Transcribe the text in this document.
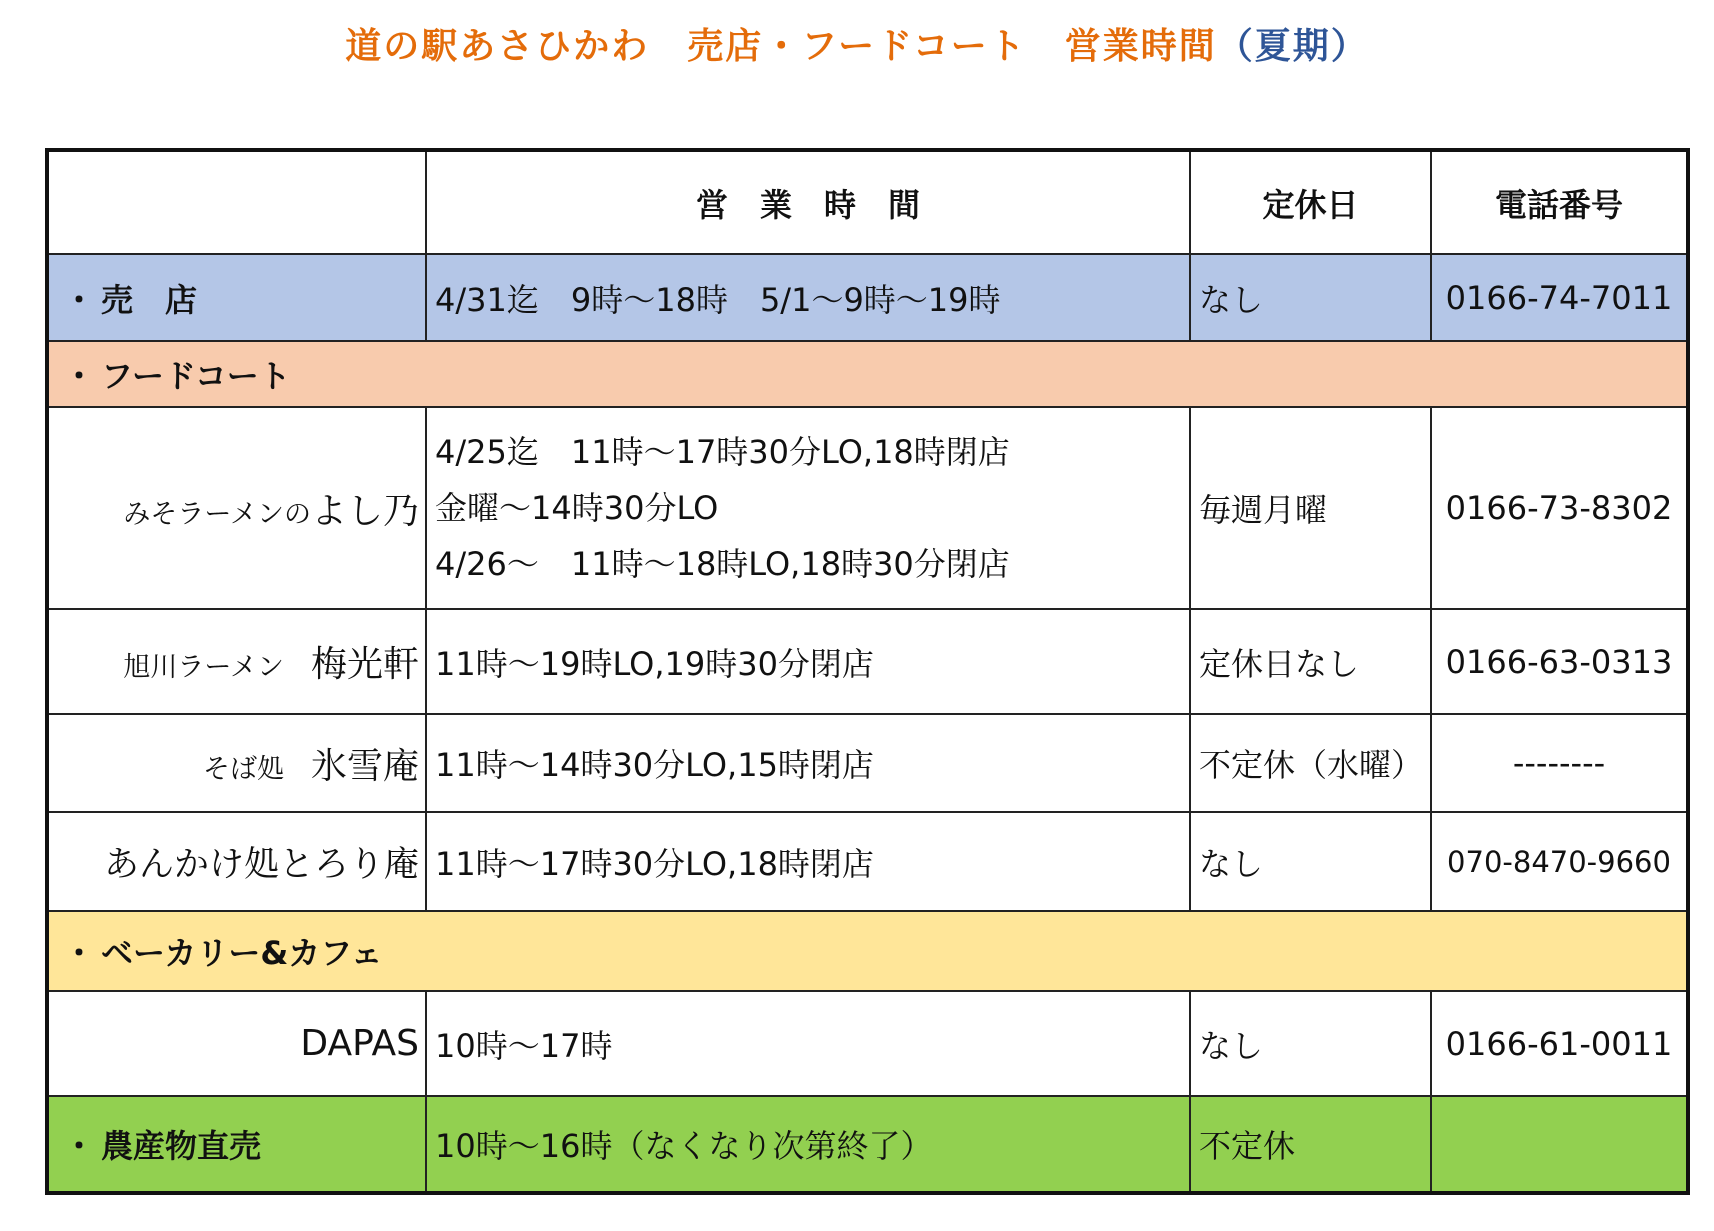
道の駅あさひかわ　売店・フードコート　営業時間（夏期）
	営　業　時　間	定休日	電話番号
・ 売　店	4/31迄　9時～18時　5/1～9時～19時	なし	0166-74-7011
・ フードコート			
みそラーメンのよし乃	4/25迄　11時～17時30分LO,18時閉店
金曜～14時30分LO
4/26～　11時～18時LO,18時30分閉店	毎週月曜	0166-73-8302
旭川ラーメン　梅光軒	11時～19時LO,19時30分閉店	定休日なし	0166-63-0313
そば処　氷雪庵	11時～14時30分LO,15時閉店	不定休（水曜）	--------
あんかけ処とろり庵	11時～17時30分LO,18時閉店	なし	070-8470-9660
・ ベーカリー&カフェ			
DAPAS	10時～17時	なし	0166-61-0011
・ 農産物直売	10時～16時（なくなり次第終了）	不定休	
